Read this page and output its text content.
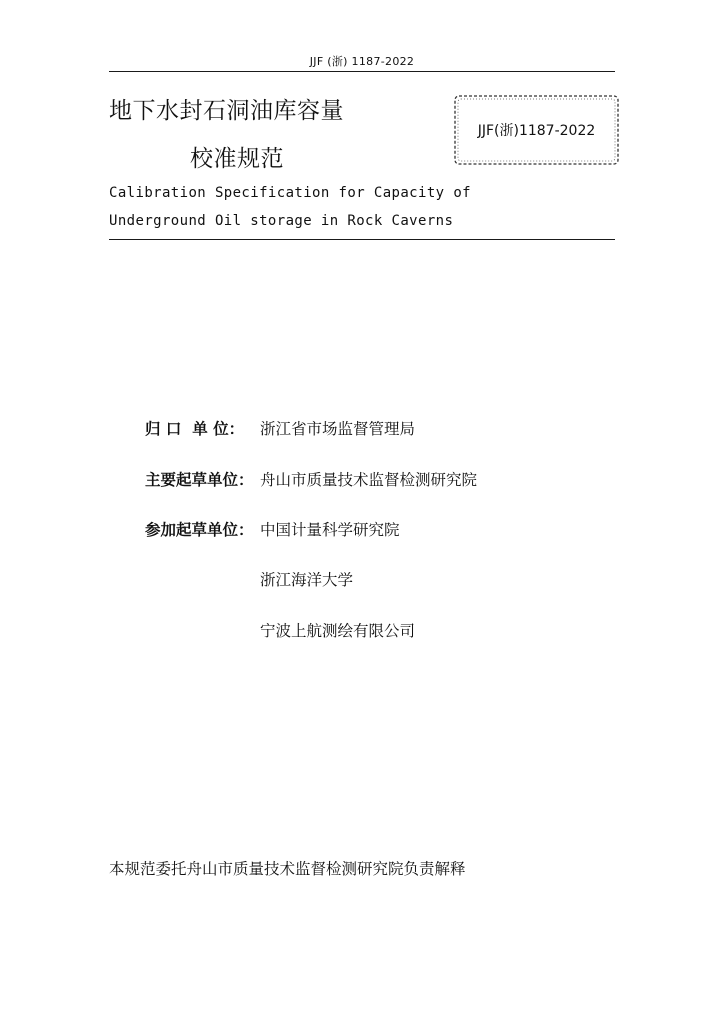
JJF (浙) 1187-2022
地下水封石洞油库容量
校准规范
JJF(浙)1187-2022
Calibration Specification for Capacity of
Underground Oil storage in Rock Caverns
归 口  单 位：	浙江省市场监督管理局
主要起草单位： 舟山市质量技术监督检测研究院
参加起草单位： 中国计量科学研究院
浙江海洋大学
宁波上航测绘有限公司
本规范委托舟山市质量技术监督检测研究院负责解释
